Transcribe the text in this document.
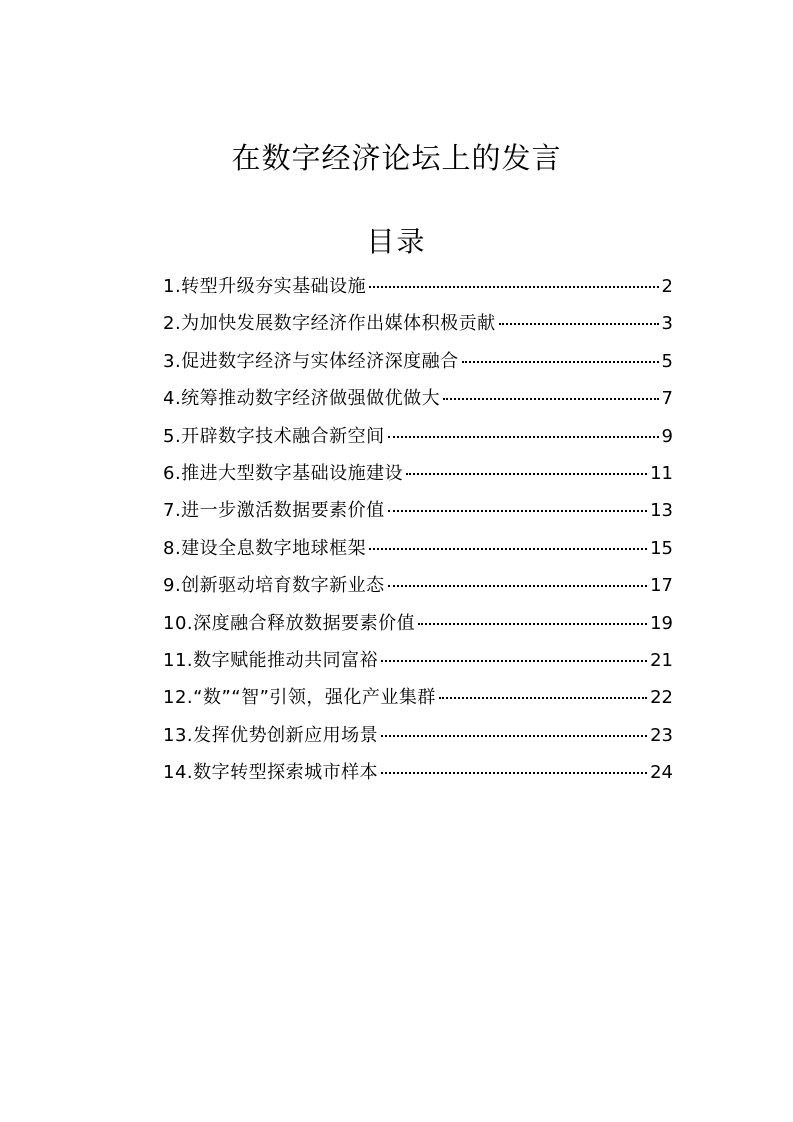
在数字经济论坛上的发言
目录
1.转型升级夯实基础设施	2
2.为加快发展数字经济作出媒体积极贡献	3
3.促进数字经济与实体经济深度融合	5
4.统筹推动数字经济做强做优做大	7
5.开辟数字技术融合新空间	9
6.推进大型数字基础设施建设	11
7.进一步激活数据要素价值	13
8.建设全息数字地球框架	15
9.创新驱动培育数字新业态	17
10.深度融合释放数据要素价值	19
11.数字赋能推动共同富裕	21
12.“数”“智”引领，强化产业集群	22
13.发挥优势创新应用场景	23
14.数字转型探索城市样本	24
